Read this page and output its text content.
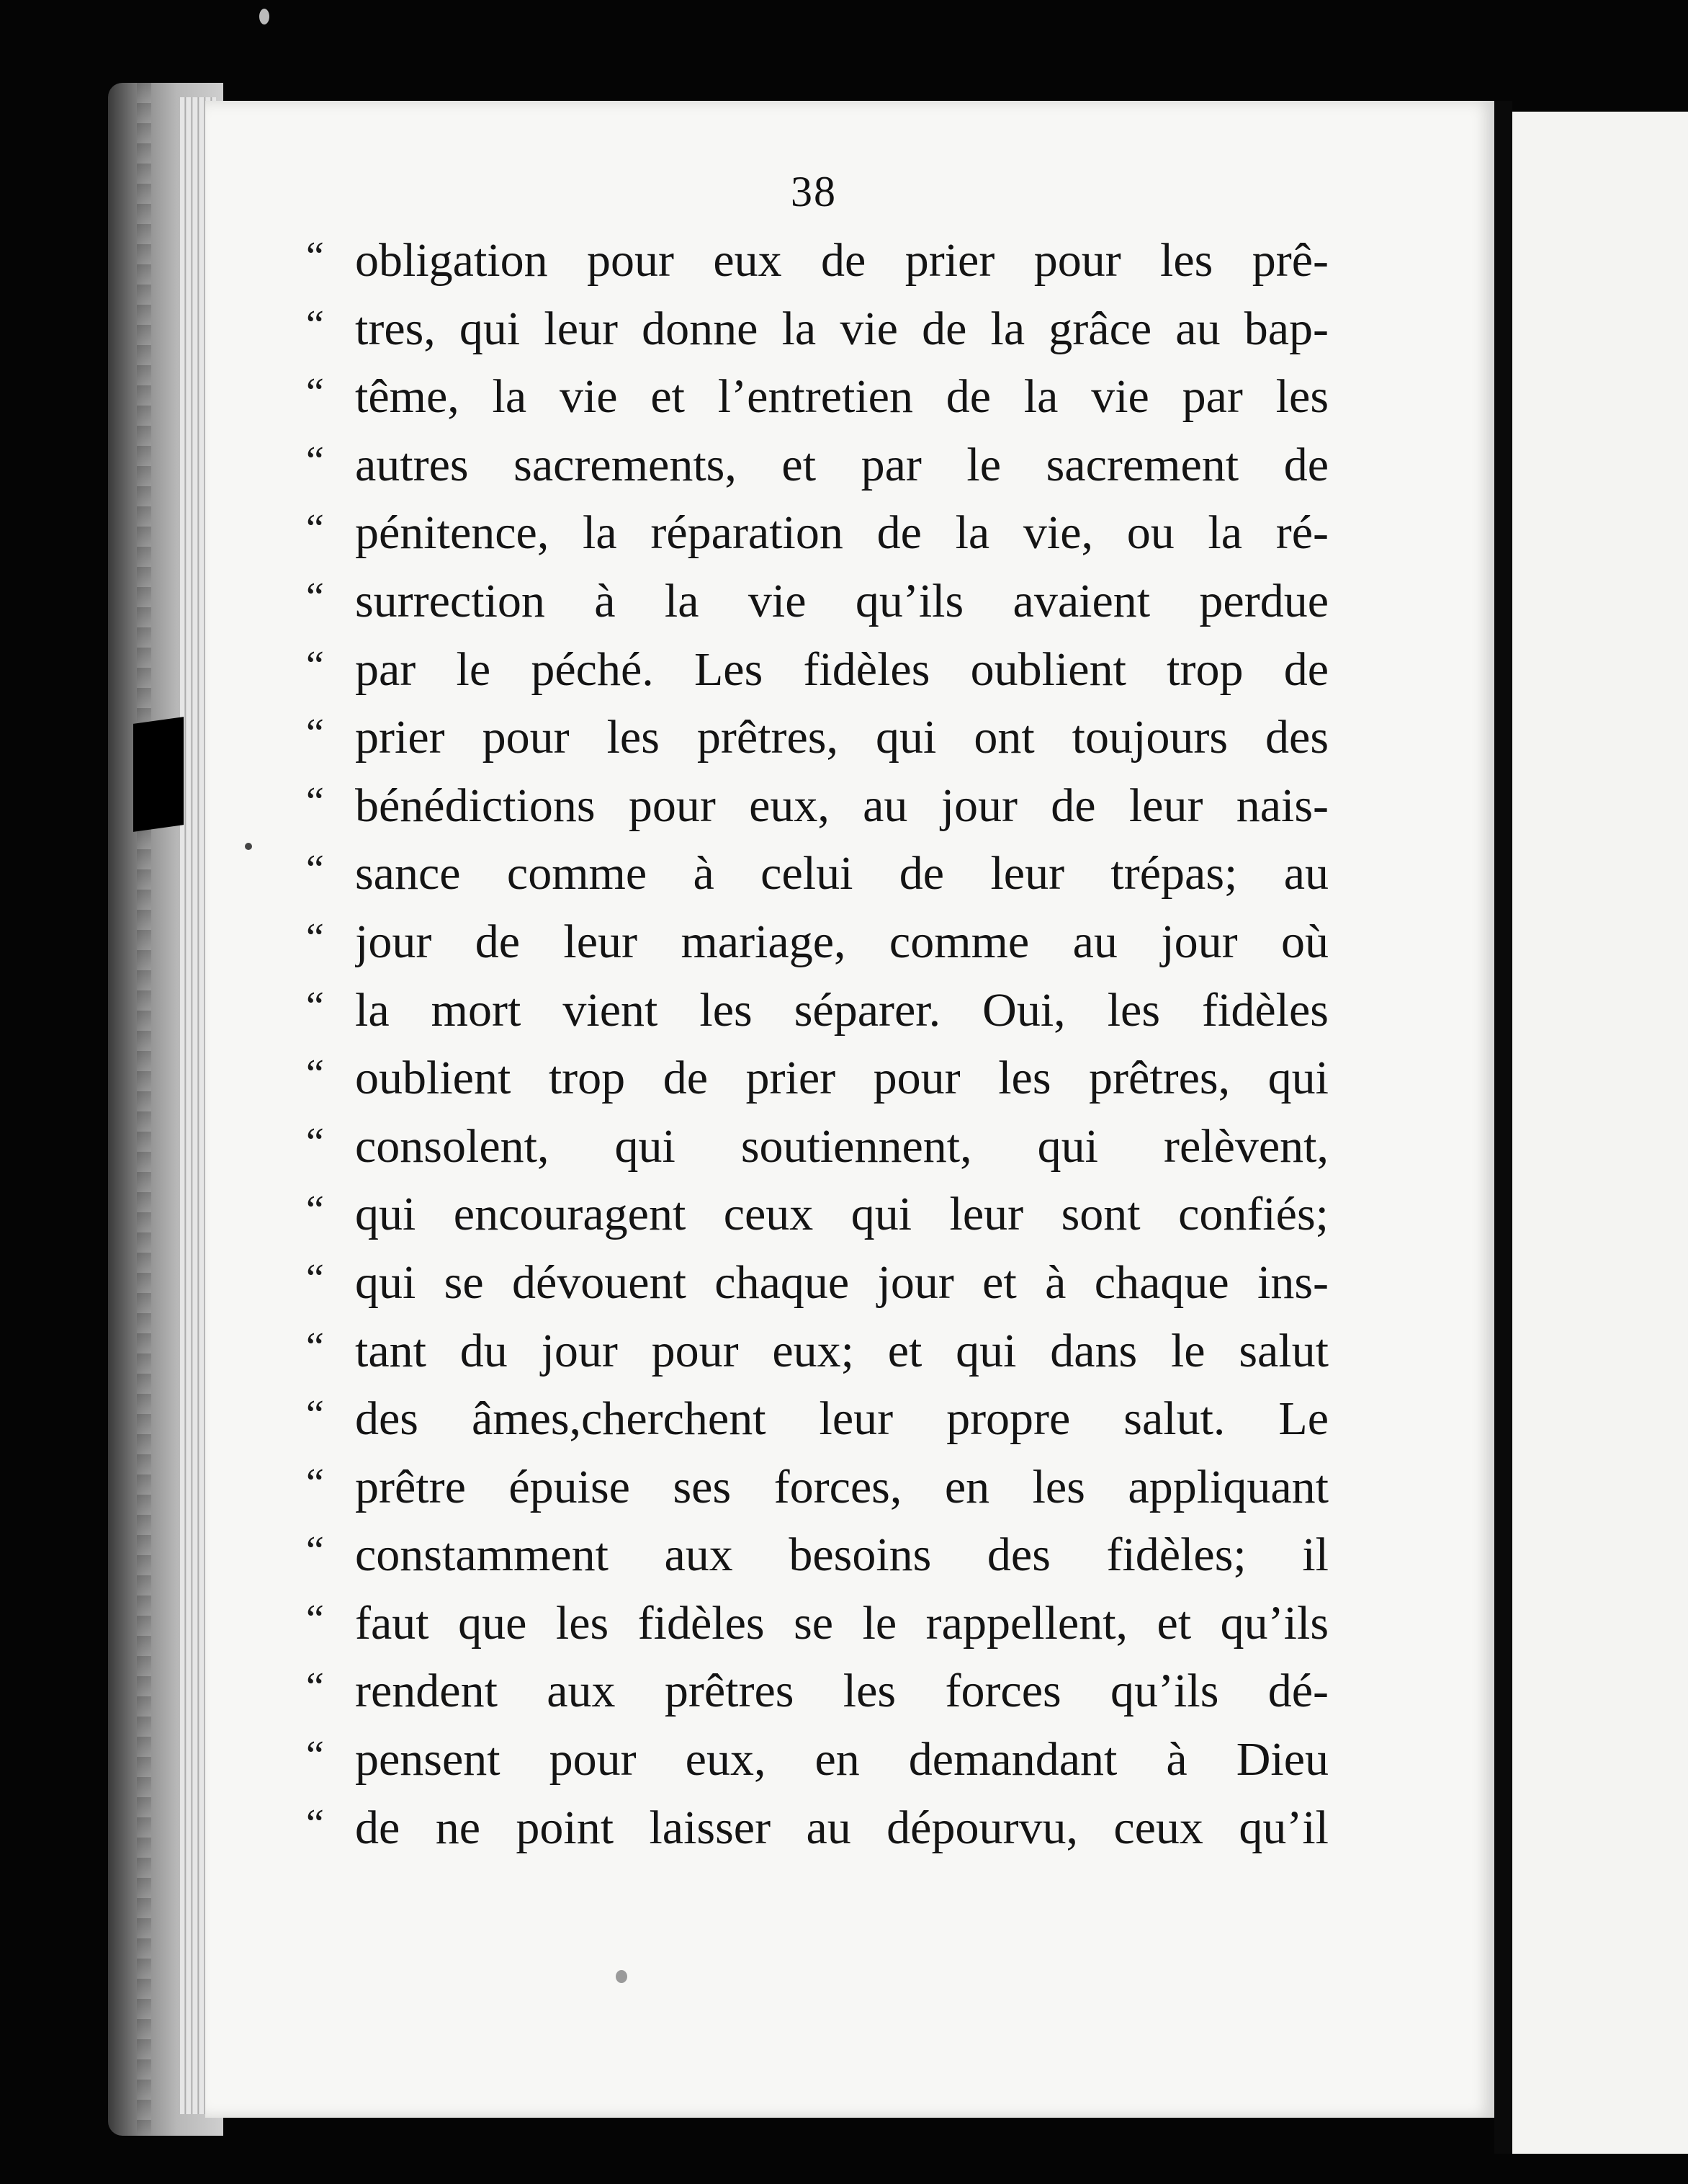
38
“ obligation pour eux de prier pour les prê-
“ tres, qui leur donne la vie de la grâce au bap-
“ tême, la vie et l’entretien de la vie par les
“ autres sacrements, et par le sacrement de
“ pénitence, la réparation de la vie, ou la ré-
“ surrection à la vie qu’ils avaient perdue
“ par le péché. Les fidèles oublient trop de
“ prier pour les prêtres, qui ont toujours des
“ bénédictions pour eux, au jour de leur nais-
“ sance comme à celui de leur trépas; au
“ jour de leur mariage, comme au jour où
“ la mort vient les séparer. Oui, les fidèles
“ oublient trop de prier pour les prêtres, qui
“ consolent, qui soutiennent, qui relèvent,
“ qui encouragent ceux qui leur sont confiés;
“ qui se dévouent chaque jour et à chaque ins-
“ tant du jour pour eux; et qui dans le salut
“ des âmes,cherchent leur propre salut. Le
“ prêtre épuise ses forces, en les appliquant
“ constamment aux besoins des fidèles; il
“ faut que les fidèles se le rappellent, et qu’ils
“ rendent aux prêtres les forces qu’ils dé-
“ pensent pour eux, en demandant à Dieu
“ de ne point laisser au dépourvu, ceux qu’il
